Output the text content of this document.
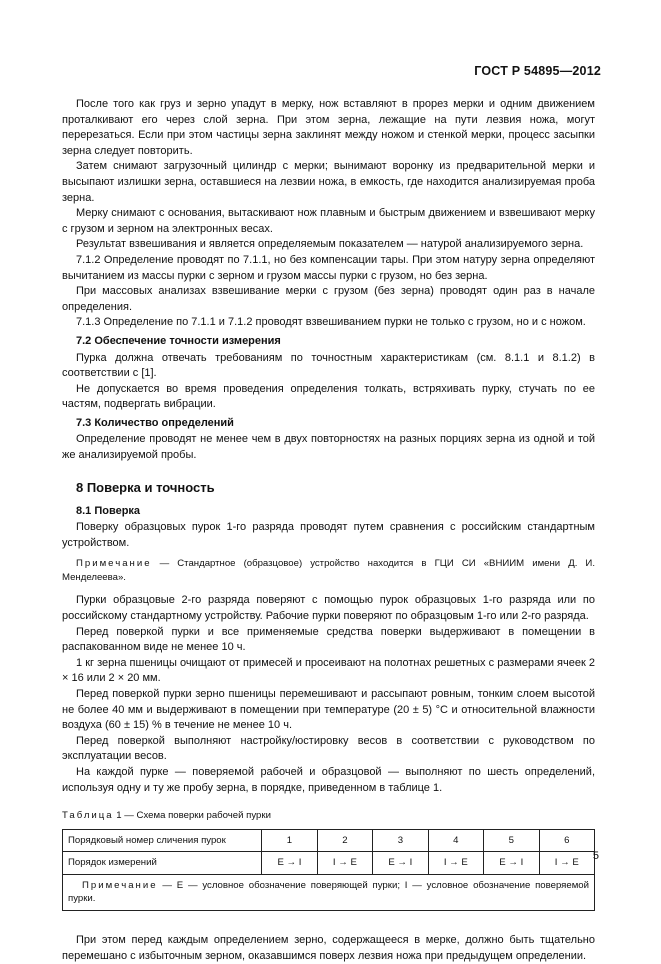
ГОСТ Р 54895—2012

После того как груз и зерно упадут в мерку, нож вставляют в прорез мерки и одним движением проталкивают его через слой зерна. При этом зерна, лежащие на пути лезвия ножа, могут перерезаться. Если при этом частицы зерна заклинят между ножом и стенкой мерки, процесс засыпки зерна следует повторить.

Затем снимают загрузочный цилиндр с мерки; вынимают воронку из предварительной мерки и высыпают излишки зерна, оставшиеся на лезвии ножа, в емкость, где находится анализируемая проба зерна.

Мерку снимают с основания, вытаскивают нож плавным и быстрым движением и взвешивают мерку с грузом и зерном на электронных весах.

Результат взвешивания и является определяемым показателем — натурой анализируемого зерна.

7.1.2 Определение проводят по 7.1.1, но без компенсации тары. При этом натуру зерна определяют вычитанием из массы пурки с зерном и грузом массы пурки с грузом, но без зерна.

При массовых анализах взвешивание мерки с грузом (без зерна) проводят один раз в начале определения.

7.1.3 Определение по 7.1.1 и 7.1.2 проводят взвешиванием пурки не только с грузом, но и с ножом.

7.2 Обеспечение точности измерения

Пурка должна отвечать требованиям по точностным характеристикам (см. 8.1.1 и 8.1.2) в соответствии с [1].

Не допускается во время проведения определения толкать, встряхивать пурку, стучать по ее частям, подвергать вибрации.

7.3 Количество определений

Определение проводят не менее чем в двух повторностях на разных порциях зерна из одной и той же анализируемой пробы.

8 Поверка и точность
8.1 Поверка

Поверку образцовых пурок 1-го разряда проводят путем сравнения с российским стандартным устройством.

Примечание — Стандартное (образцовое) устройство находится в ГЦИ СИ «ВНИИМ имени Д. И. Менделеева».

Пурки образцовые 2-го разряда поверяют с помощью пурок образцовых 1-го разряда или по российскому стандартному устройству. Рабочие пурки поверяют по образцовым 1-го или 2-го разряда.

Перед поверкой пурки и все применяемые средства поверки выдерживают в помещении в распакованном виде не менее 10 ч.

1 кг зерна пшеницы очищают от примесей и просеивают на полотнах решетных с размерами ячеек 2 × 16 или 2 × 20 мм.

Перед поверкой пурки зерно пшеницы перемешивают и рассыпают ровным, тонким слоем высотой не более 40 мм и выдерживают в помещении при температуре (20 ± 5) °С и относительной влажности воздуха (60 ± 15) % в течение не менее 10 ч.

Перед поверкой выполняют настройку/юстировку весов в соответствии с руководством по эксплуатации весов.

На каждой пурке — поверяемой рабочей и образцовой — выполняют по шесть определений, используя одну и ту же пробу зерна, в порядке, приведенном в таблице 1.

Таблица 1 — Схема поверки рабочей пурки
Порядковый номер сличения пурок	1	2	3	4	5	6
Порядок измерений	E → I	I → E	E → I	I → E	E → I	I → E
Примечание — E — условное обозначение поверяющей пурки; I — условное обозначение поверяемой пурки.						

При этом перед каждым определением зерно, содержащееся в мерке, должно быть тщательно перемешано с избыточным зерном, оказавшимся поверх лезвия ножа при предыдущем определении.

5
